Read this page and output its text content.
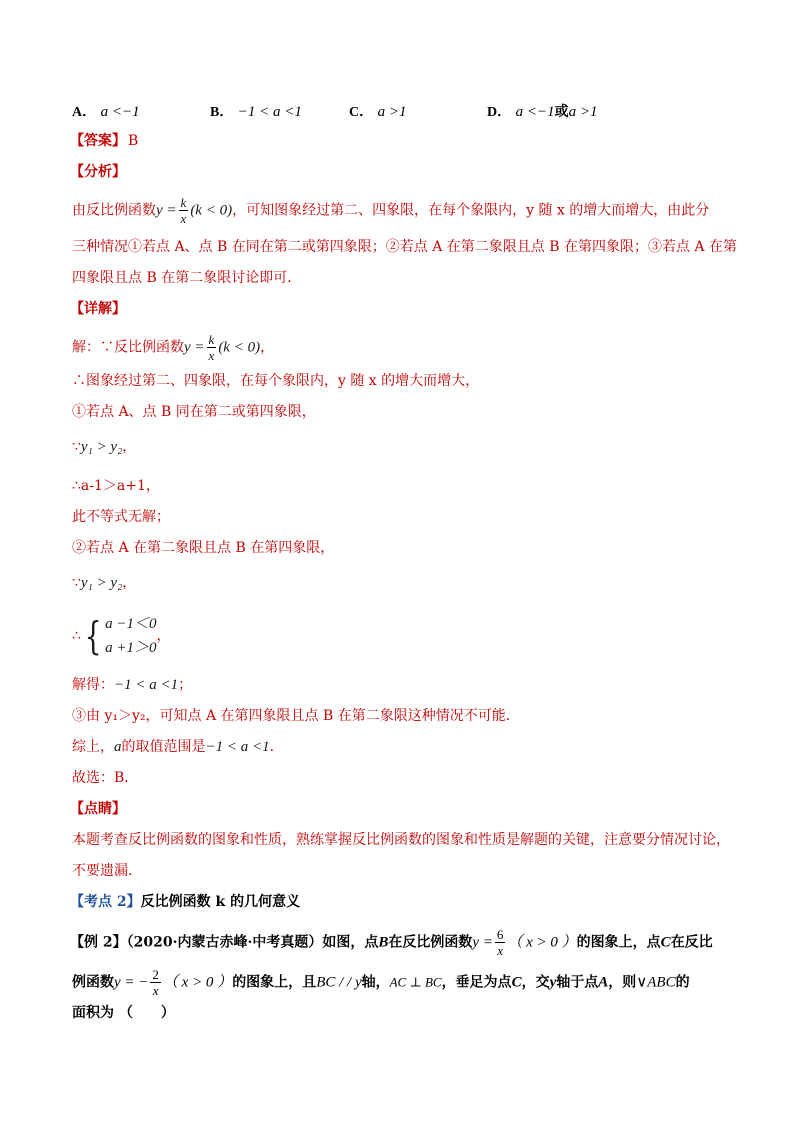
A． a <−1	B． −1 < a <1	C． a >1	D． a <−1或a >1
【答案】 B
【分析】
由反比例函数$y = \frac{k}{x} (k < 0)$，可知图象经过第二、四象限，在每个象限内，y 随 x 的增大而增大，由此分
三种情况①若点 A、点 B 在同在第二或第四象限；②若点 A 在第二象限且点 B 在第四象限；③若点 A 在第
四象限且点 B 在第二象限讨论即可．
【详解】
解：∵反比例函数$y = \frac{k}{x} (k < 0)$，
∴图象经过第二、四象限，在每个象限内，y 随 x 的增大而增大，
①若点 A、点 B 同在第二或第四象限，
∵y₁ > y₂，
∴a-1＞a+1，
此不等式无解；
②若点 A 在第二象限且点 B 在第四象限，
∵y₁ > y₂，
∴{ a −1＜0
a +1＞0
，
解得：−1 < a <1；
③由 y₁＞y₂，可知点 A 在第四象限且点 B 在第二象限这种情况不可能．
综上，a的取值范围是−1 < a <1．
故选：B．
【点睛】
本题考查反比例函数的图象和性质，熟练掌握反比例函数的图象和性质是解题的关键，注意要分情况讨论，
不要遗漏．
【考点 2】反比例函数 k 的几何意义
【例 2】（2020·内蒙古赤峰·中考真题）如图，点B在反比例函数$y = \frac{6}{x}$ （ x > 0 ）的图象上，点C在反比
例函数y = − $\frac{2}{x}$ （ x > 0 ）的图象上，且BC / / y轴，AC ⊥ BC，垂足为点C，交y轴于点A，则∨ABC的
面积为 （　　）
